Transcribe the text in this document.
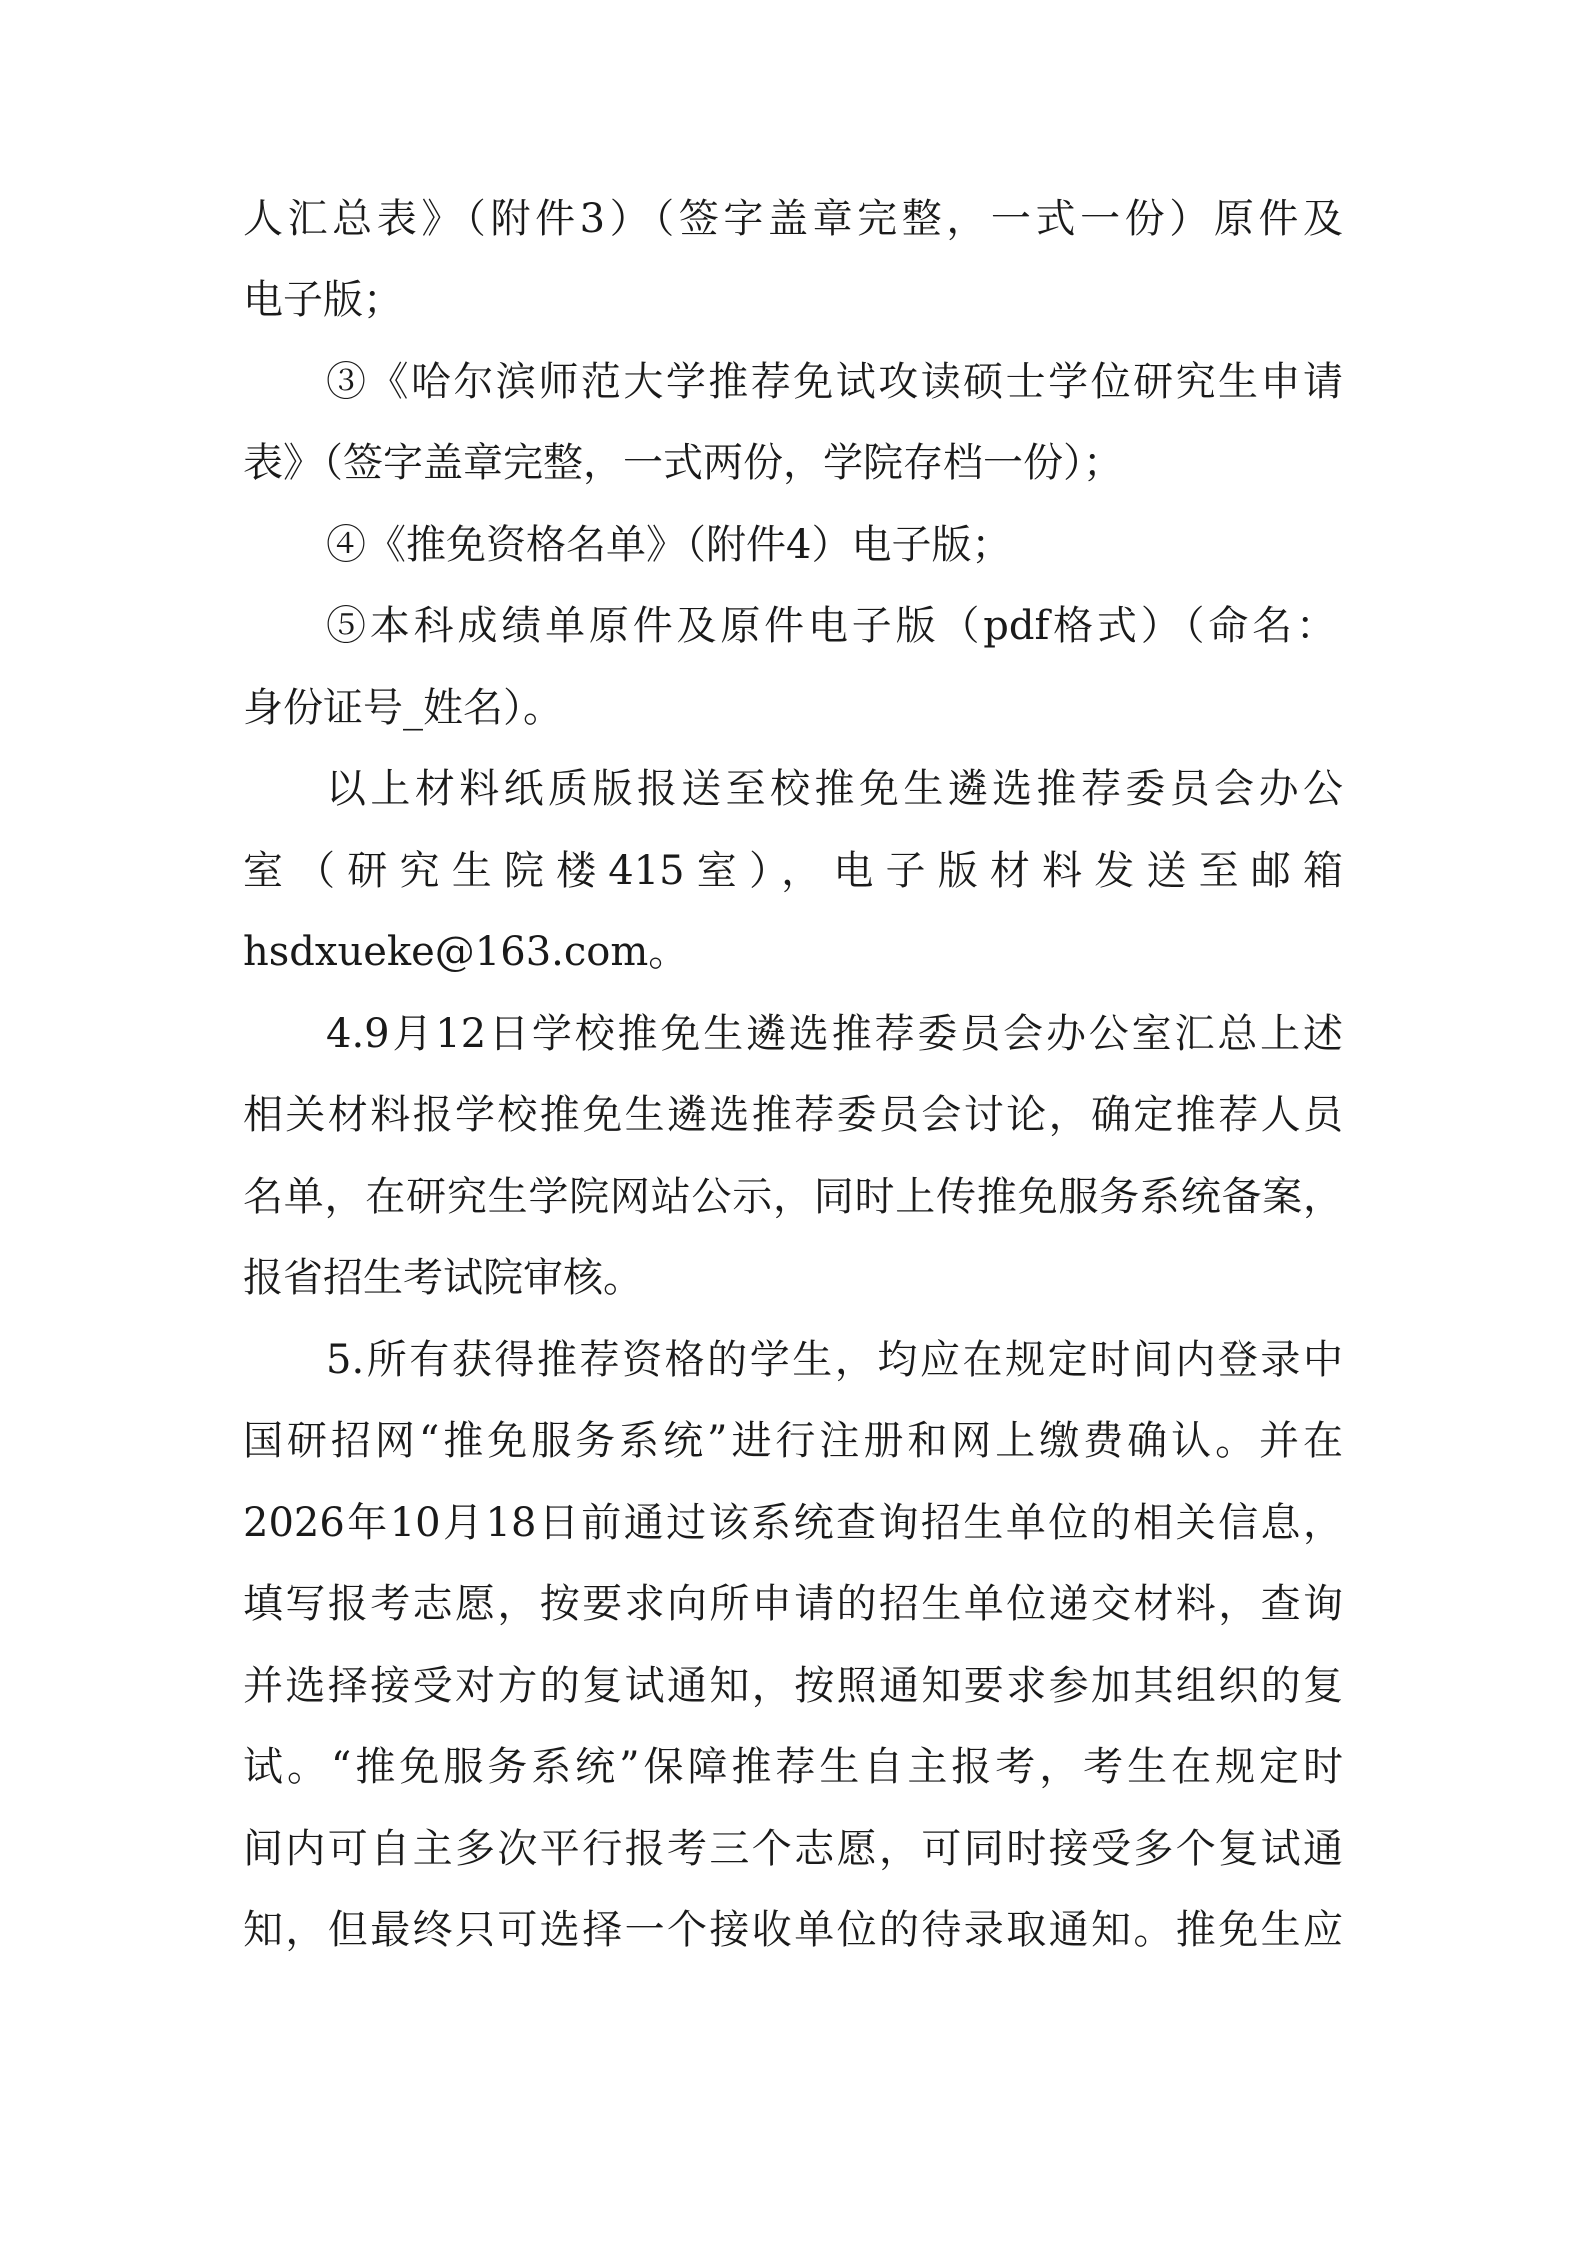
人汇总表》（附件3）（签字盖章完整，一式一份）原件及
电子版；
③《哈尔滨师范大学推荐免试攻读硕士学位研究生申请
表》（签字盖章完整，一式两份，学院存档一份）；
④《推免资格名单》（附件4）电子版；
⑤本科成绩单原件及原件电子版（pdf格式）（命名：
身份证号_姓名）。
以上材料纸质版报送至校推免生遴选推荐委员会办公
室（研究生院楼415室），电子版材料发送至邮箱
hsdxueke@163.com。
4.9月12日学校推免生遴选推荐委员会办公室汇总上述
相关材料报学校推免生遴选推荐委员会讨论，确定推荐人员
名单，在研究生学院网站公示，同时上传推免服务系统备案，
报省招生考试院审核。
5.所有获得推荐资格的学生，均应在规定时间内登录中
国研招网“推免服务系统”进行注册和网上缴费确认。并在
2026年10月18日前通过该系统查询招生单位的相关信息，
填写报考志愿，按要求向所申请的招生单位递交材料，查询
并选择接受对方的复试通知，按照通知要求参加其组织的复
试。“推免服务系统”保障推荐生自主报考，考生在规定时
间内可自主多次平行报考三个志愿，可同时接受多个复试通
知，但最终只可选择一个接收单位的待录取通知。推免生应
